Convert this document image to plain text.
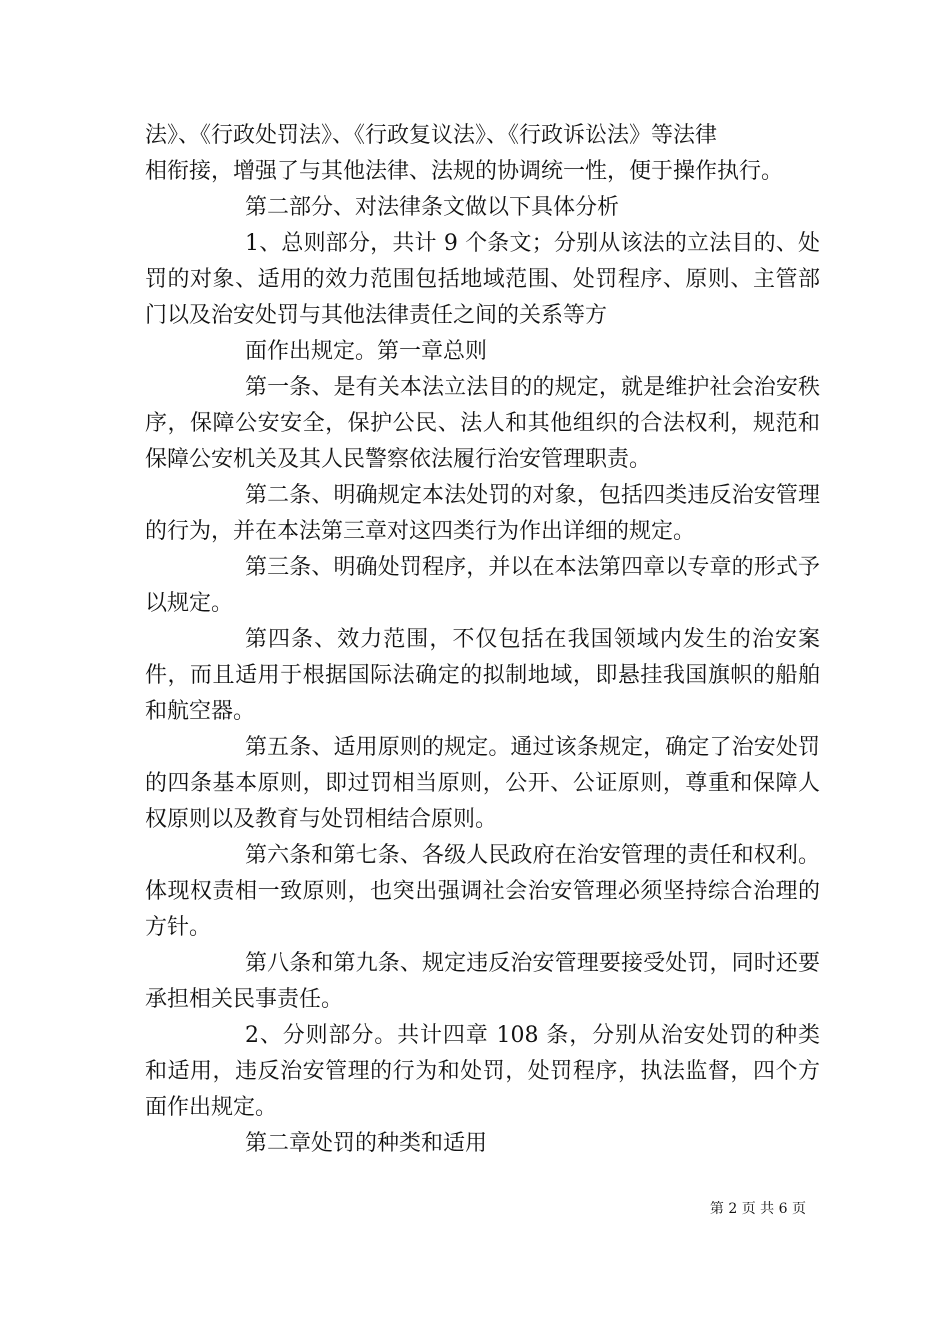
法》、《行政处罚法》、《行政复议法》、《行政诉讼法》等法律
相衔接，增强了与其他法律、法规的协调统一性，便于操作执行。

第二部分、对法律条文做以下具体分析

1、总则部分，共计 9 个条文；分别从该法的立法目的、处罚的对象、适用的效力范围包括地域范围、处罚程序、原则、主管部门以及治安处罚与其他法律责任之间的关系等方

面作出规定。第一章总则

第一条、是有关本法立法目的的规定，就是维护社会治安秩序，保障公安安全，保护公民、法人和其他组织的合法权利，规范和保障公安机关及其人民警察依法履行治安管理职责。

第二条、明确规定本法处罚的对象，包括四类违反治安管理的行为，并在本法第三章对这四类行为作出详细的规定。

第三条、明确处罚程序，并以在本法第四章以专章的形式予以规定。

第四条、效力范围，不仅包括在我国领域内发生的治安案件，而且适用于根据国际法确定的拟制地域，即悬挂我国旗帜的船舶和航空器。

第五条、适用原则的规定。通过该条规定，确定了治安处罚的四条基本原则，即过罚相当原则，公开、公证原则，尊重和保障人权原则以及教育与处罚相结合原则。

第六条和第七条、各级人民政府在治安管理的责任和权利。体现权责相一致原则，也突出强调社会治安管理必须坚持综合治理的方针。

第八条和第九条、规定违反治安管理要接受处罚，同时还要承担相关民事责任。

2、分则部分。共计四章 108 条，分别从治安处罚的种类和适用，违反治安管理的行为和处罚，处罚程序，执法监督，四个方面作出规定。

第二章处罚的种类和适用

第 2 页 共 6 页
